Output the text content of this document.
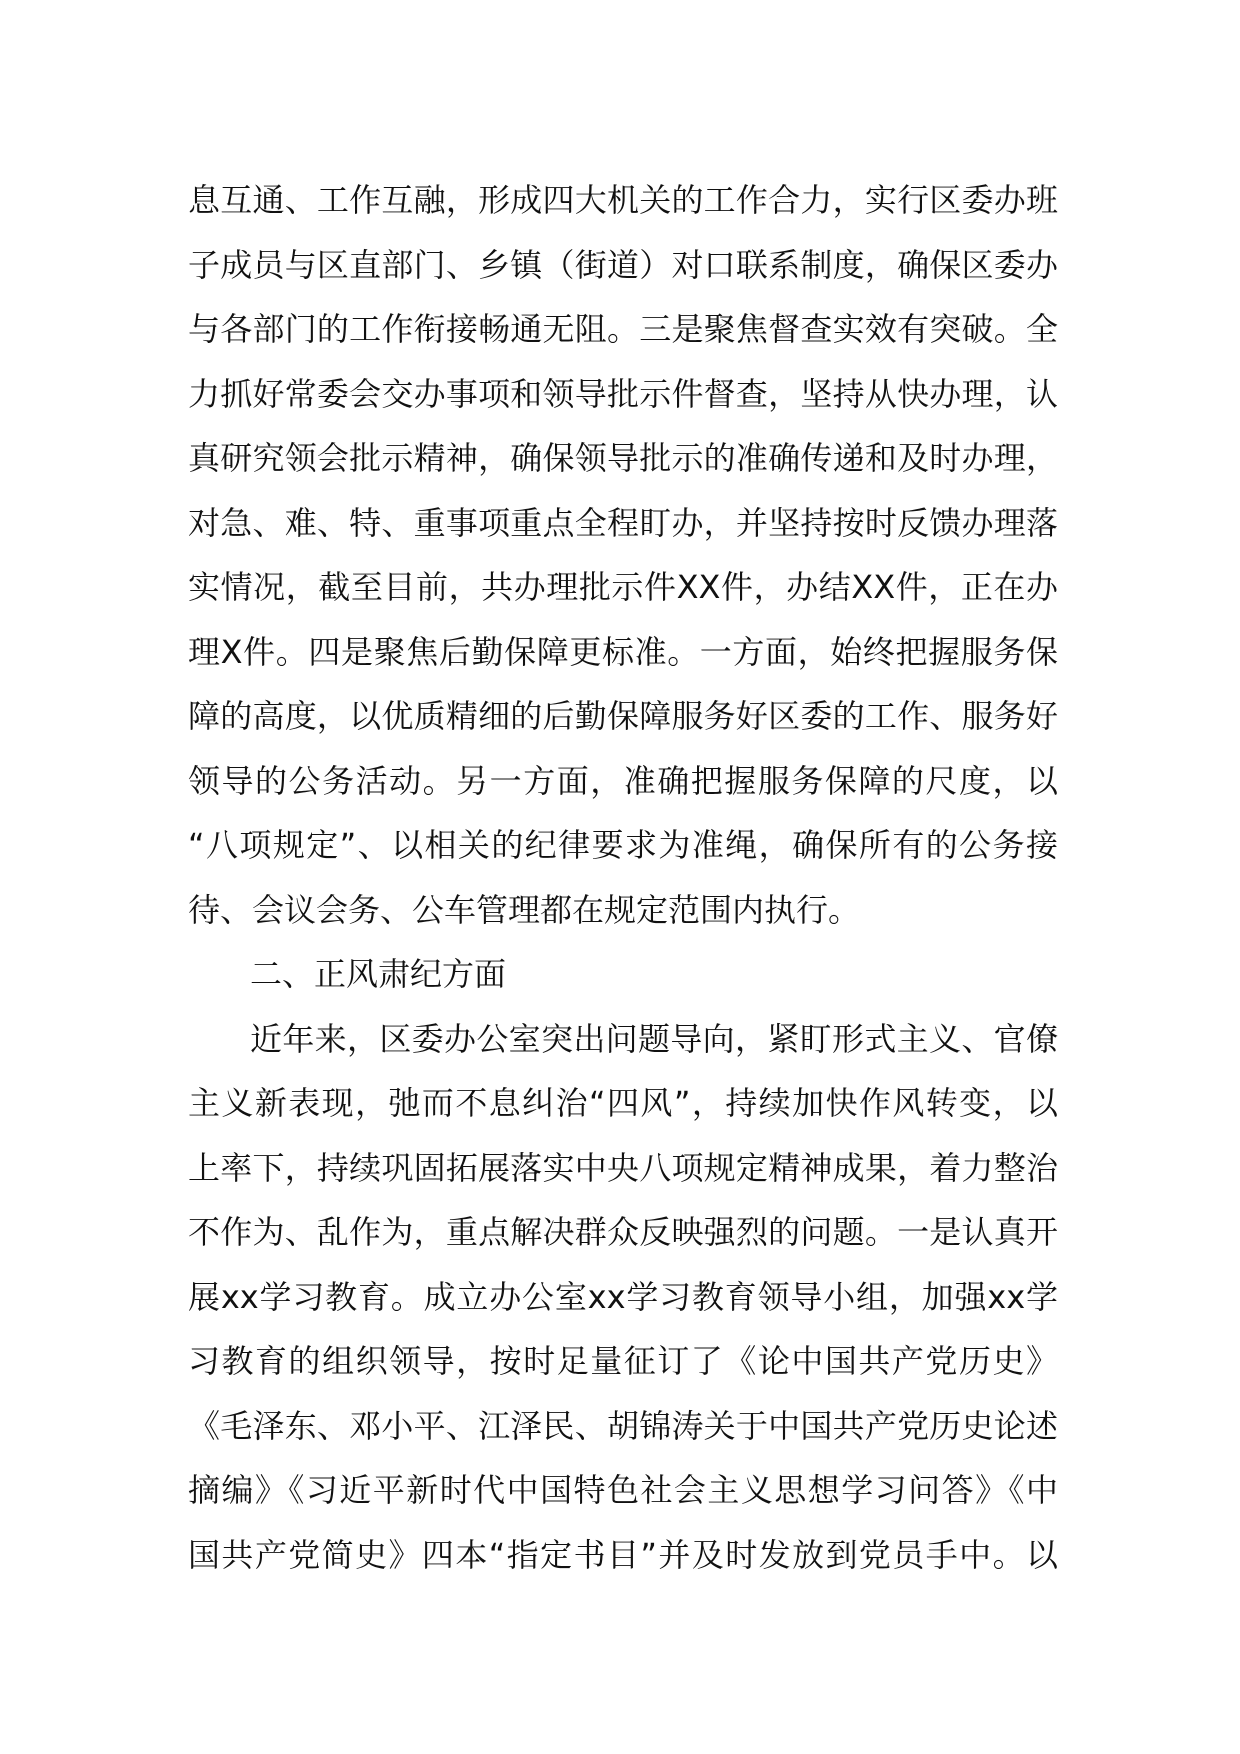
息互通、工作互融，形成四大机关的工作合力，实行区委办班
子成员与区直部门、乡镇（街道）对口联系制度，确保区委办
与各部门的工作衔接畅通无阻。三是聚焦督查实效有突破。全
力抓好常委会交办事项和领导批示件督查，坚持从快办理，认
真研究领会批示精神，确保领导批示的准确传递和及时办理，
对急、难、特、重事项重点全程盯办，并坚持按时反馈办理落
实情况，截至目前，共办理批示件XX件，办结XX件，正在办
理X件。四是聚焦后勤保障更标准。一方面，始终把握服务保
障的高度，以优质精细的后勤保障服务好区委的工作、服务好
领导的公务活动。另一方面，准确把握服务保障的尺度，以
“八项规定”、以相关的纪律要求为准绳，确保所有的公务接
待、会议会务、公车管理都在规定范围内执行。
二、正风肃纪方面
近年来，区委办公室突出问题导向，紧盯形式主义、官僚
主义新表现，弛而不息纠治“四风”，持续加快作风转变，以
上率下，持续巩固拓展落实中央八项规定精神成果，着力整治
不作为、乱作为，重点解决群众反映强烈的问题。一是认真开
展xx学习教育。成立办公室xx学习教育领导小组，加强xx学
习教育的组织领导，按时足量征订了《论中国共产党历史》
《毛泽东、邓小平、江泽民、胡锦涛关于中国共产党历史论述
摘编》《习近平新时代中国特色社会主义思想学习问答》《中
国共产党简史》四本“指定书目”并及时发放到党员手中。以
